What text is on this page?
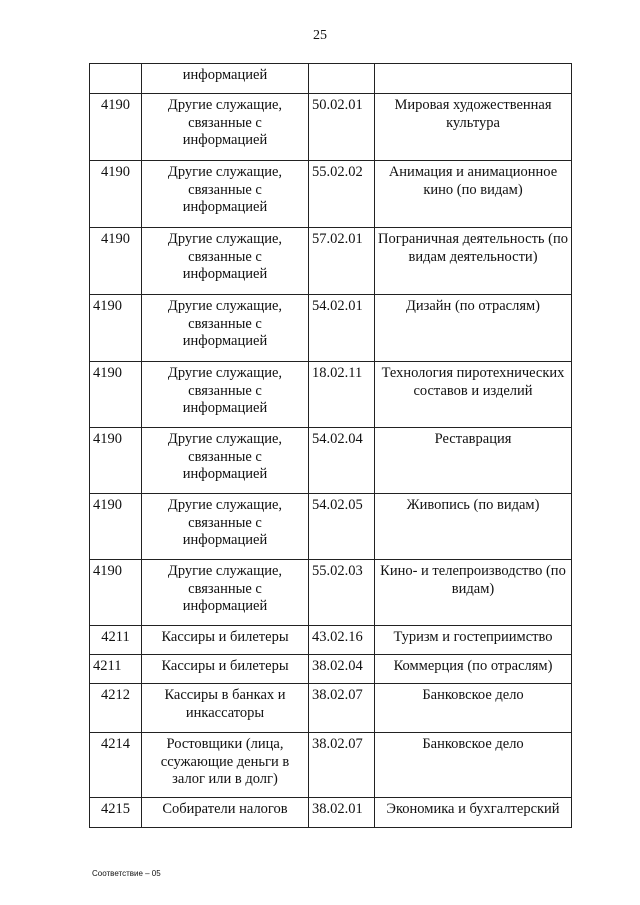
25
	информацией		
4190	Другие служащие, связанные с информацией	50.02.01	Мировая художественная культура
4190	Другие служащие, связанные с информацией	55.02.02	Анимация и анимационное кино (по видам)
4190	Другие служащие, связанные с информацией	57.02.01	Пограничная деятельность (по видам деятельности)
4190	Другие служащие, связанные с информацией	54.02.01	Дизайн (по отраслям)
4190	Другие служащие, связанные с информацией	18.02.11	Технология пиротехнических составов и изделий
4190	Другие служащие, связанные с информацией	54.02.04	Реставрация
4190	Другие служащие, связанные с информацией	54.02.05	Живопись (по видам)
4190	Другие служащие, связанные с информацией	55.02.03	Кино- и телепроизводство (по видам)
4211	Кассиры и билетеры	43.02.16	Туризм и гостеприимство
4211	Кассиры и билетеры	38.02.04	Коммерция (по отраслям)
4212	Кассиры в банках и инкассаторы	38.02.07	Банковское дело
4214	Ростовщики (лица, ссужающие деньги в залог или в долг)	38.02.07	Банковское дело
4215	Собиратели налогов	38.02.01	Экономика и бухгалтерский
Соответствие – 05
